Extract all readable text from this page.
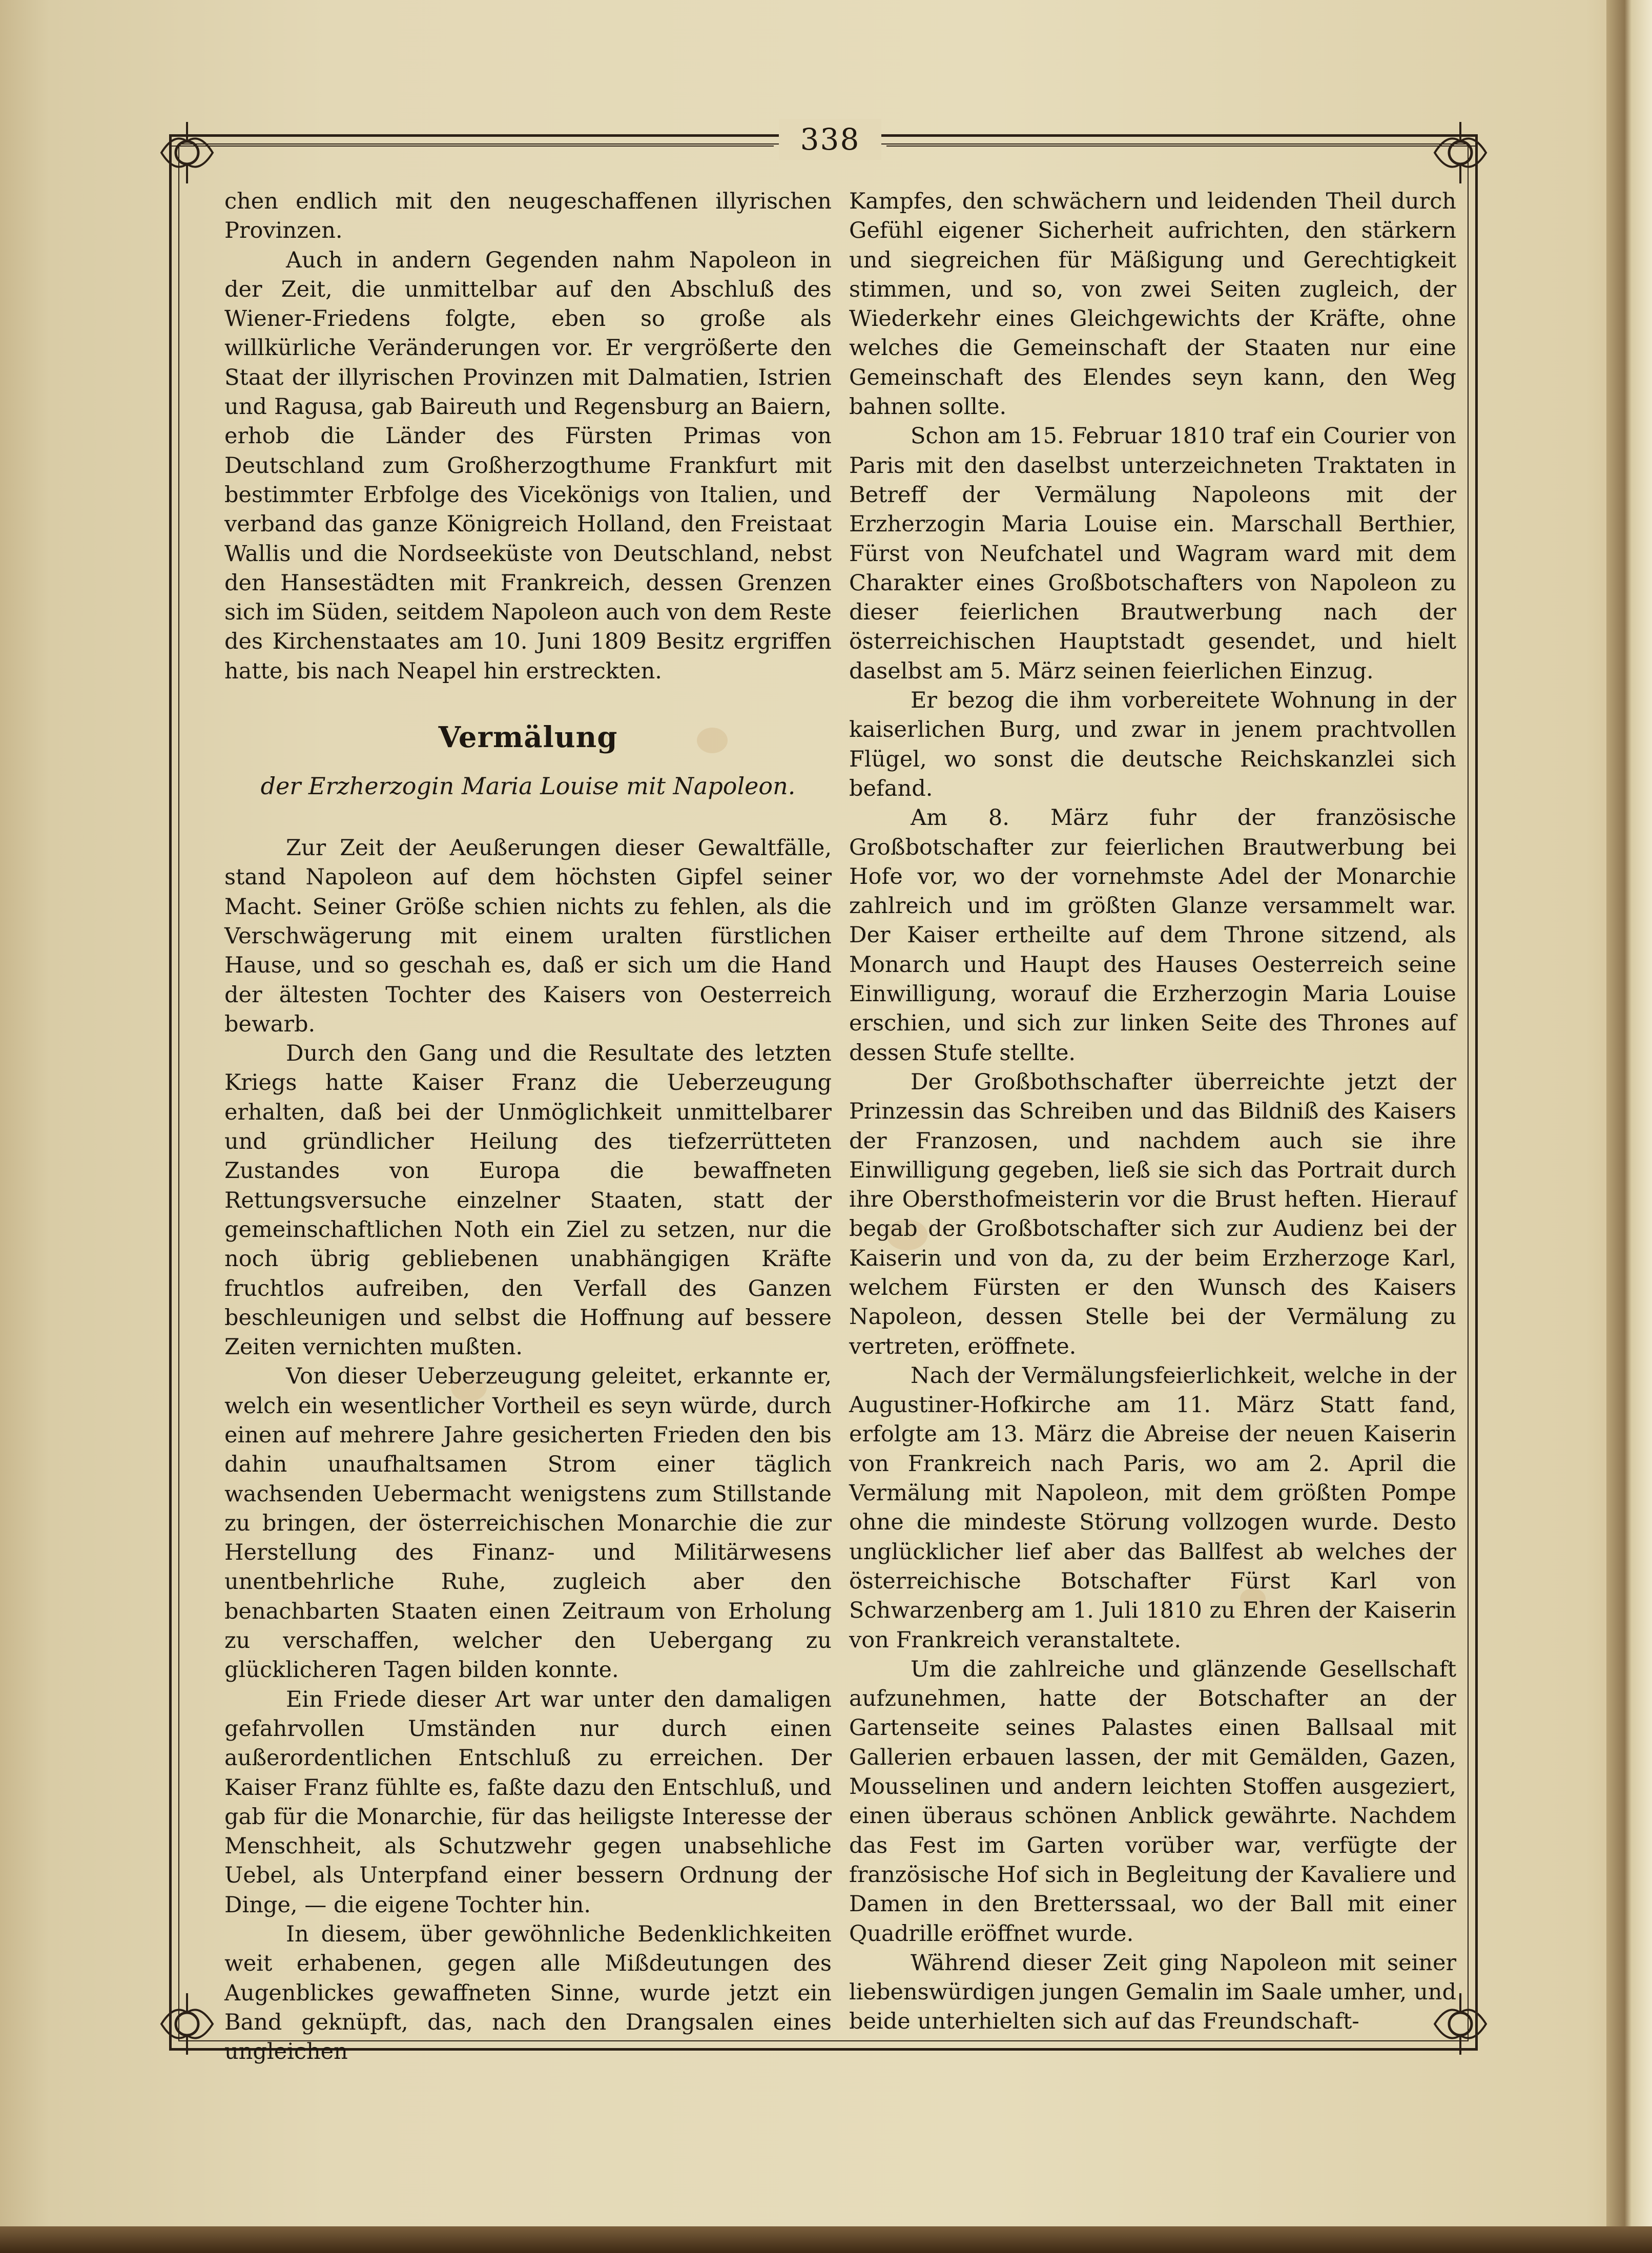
338

chen endlich mit den neugeschaffenen illyrischen Provinzen.

Auch in andern Gegenden nahm Napoleon in der Zeit, die unmittelbar auf den Abschluß des Wiener-Friedens folgte, eben so große als willkürliche Veränderungen vor. Er vergrößerte den Staat der illyrischen Provinzen mit Dalmatien, Istrien und Ragusa, gab Baireuth und Regensburg an Baiern, erhob die Länder des Fürsten Primas von Deutschland zum Großherzogthume Frankfurt mit bestimmter Erbfolge des Vicekönigs von Italien, und verband das ganze Königreich Holland, den Freistaat Wallis und die Nordseeküste von Deutschland, nebst den Hansestädten mit Frankreich, dessen Grenzen sich im Süden, seitdem Napoleon auch von dem Reste des Kirchenstaates am 10. Juni 1809 Besitz ergriffen hatte, bis nach Neapel hin erstreckten.

Vermälung
der Erzherzogin Maria Louise mit Napoleon.

Zur Zeit der Aeußerungen dieser Gewaltfälle, stand Napoleon auf dem höchsten Gipfel seiner Macht. Seiner Größe schien nichts zu fehlen, als die Verschwägerung mit einem uralten fürstlichen Hause, und so geschah es, daß er sich um die Hand der ältesten Tochter des Kaisers von Oesterreich bewarb.

Durch den Gang und die Resultate des letzten Kriegs hatte Kaiser Franz die Ueberzeugung erhalten, daß bei der Unmöglichkeit unmittelbarer und gründlicher Heilung des tiefzerrütteten Zustandes von Europa die bewaffneten Rettungsversuche einzelner Staaten, statt der gemeinschaftlichen Noth ein Ziel zu setzen, nur die noch übrig gebliebenen unabhängigen Kräfte fruchtlos aufreiben, den Verfall des Ganzen beschleunigen und selbst die Hoffnung auf bessere Zeiten vernichten mußten.

Von dieser Ueberzeugung geleitet, erkannte er, welch ein wesentlicher Vortheil es seyn würde, durch einen auf mehrere Jahre gesicherten Frieden den bis dahin unaufhaltsamen Strom einer täglich wachsenden Uebermacht wenigstens zum Stillstande zu bringen, der österreichischen Monarchie die zur Herstellung des Finanz- und Militärwesens unentbehrliche Ruhe, zugleich aber den benachbarten Staaten einen Zeitraum von Erholung zu verschaffen, welcher den Uebergang zu glücklicheren Tagen bilden konnte.

Ein Friede dieser Art war unter den damaligen gefahrvollen Umständen nur durch einen außerordentlichen Entschluß zu erreichen. Der Kaiser Franz fühlte es, faßte dazu den Entschluß, und gab für die Monarchie, für das heiligste Interesse der Menschheit, als Schutzwehr gegen unabsehliche Uebel, als Unterpfand einer bessern Ordnung der Dinge, — die eigene Tochter hin.

In diesem, über gewöhnliche Bedenklichkeiten weit erhabenen, gegen alle Mißdeutungen des Augenblickes gewaffneten Sinne, wurde jetzt ein Band geknüpft, das, nach den Drangsalen eines ungleichen

Kampfes, den schwächern und leidenden Theil durch Gefühl eigener Sicherheit aufrichten, den stärkern und siegreichen für Mäßigung und Gerechtigkeit stimmen, und so, von zwei Seiten zugleich, der Wiederkehr eines Gleichgewichts der Kräfte, ohne welches die Gemeinschaft der Staaten nur eine Gemeinschaft des Elendes seyn kann, den Weg bahnen sollte.

Schon am 15. Februar 1810 traf ein Courier von Paris mit den daselbst unterzeichneten Traktaten in Betreff der Vermälung Napoleons mit der Erzherzogin Maria Louise ein. Marschall Berthier, Fürst von Neufchatel und Wagram ward mit dem Charakter eines Großbotschafters von Napoleon zu dieser feierlichen Brautwerbung nach der österreichischen Hauptstadt gesendet, und hielt daselbst am 5. März seinen feierlichen Einzug.

Er bezog die ihm vorbereitete Wohnung in der kaiserlichen Burg, und zwar in jenem prachtvollen Flügel, wo sonst die deutsche Reichskanzlei sich befand.

Am 8. März fuhr der französische Großbotschafter zur feierlichen Brautwerbung bei Hofe vor, wo der vornehmste Adel der Monarchie zahlreich und im größten Glanze versammelt war. Der Kaiser ertheilte auf dem Throne sitzend, als Monarch und Haupt des Hauses Oesterreich seine Einwilligung, worauf die Erzherzogin Maria Louise erschien, und sich zur linken Seite des Thrones auf dessen Stufe stellte.

Der Großbothschafter überreichte jetzt der Prinzessin das Schreiben und das Bildniß des Kaisers der Franzosen, und nachdem auch sie ihre Einwilligung gegeben, ließ sie sich das Portrait durch ihre Obersthofmeisterin vor die Brust heften. Hierauf begab der Großbotschafter sich zur Audienz bei der Kaiserin und von da, zu der beim Erzherzoge Karl, welchem Fürsten er den Wunsch des Kaisers Napoleon, dessen Stelle bei der Vermälung zu vertreten, eröffnete.

Nach der Vermälungsfeierlichkeit, welche in der Augustiner-Hofkirche am 11. März Statt fand, erfolgte am 13. März die Abreise der neuen Kaiserin von Frankreich nach Paris, wo am 2. April die Vermälung mit Napoleon, mit dem größten Pompe ohne die mindeste Störung vollzogen wurde. Desto unglücklicher lief aber das Ballfest ab welches der österreichische Botschafter Fürst Karl von Schwarzenberg am 1. Juli 1810 zu Ehren der Kaiserin von Frankreich veranstaltete.

Um die zahlreiche und glänzende Gesellschaft aufzunehmen, hatte der Botschafter an der Gartenseite seines Palastes einen Ballsaal mit Gallerien erbauen lassen, der mit Gemälden, Gazen, Mousselinen und andern leichten Stoffen ausgeziert, einen überaus schönen Anblick gewährte. Nachdem das Fest im Garten vorüber war, verfügte der französische Hof sich in Begleitung der Kavaliere und Damen in den Bretterssaal, wo der Ball mit einer Quadrille eröffnet wurde.

Während dieser Zeit ging Napoleon mit seiner liebenswürdigen jungen Gemalin im Saale umher, und beide unterhielten sich auf das Freundschaft-
